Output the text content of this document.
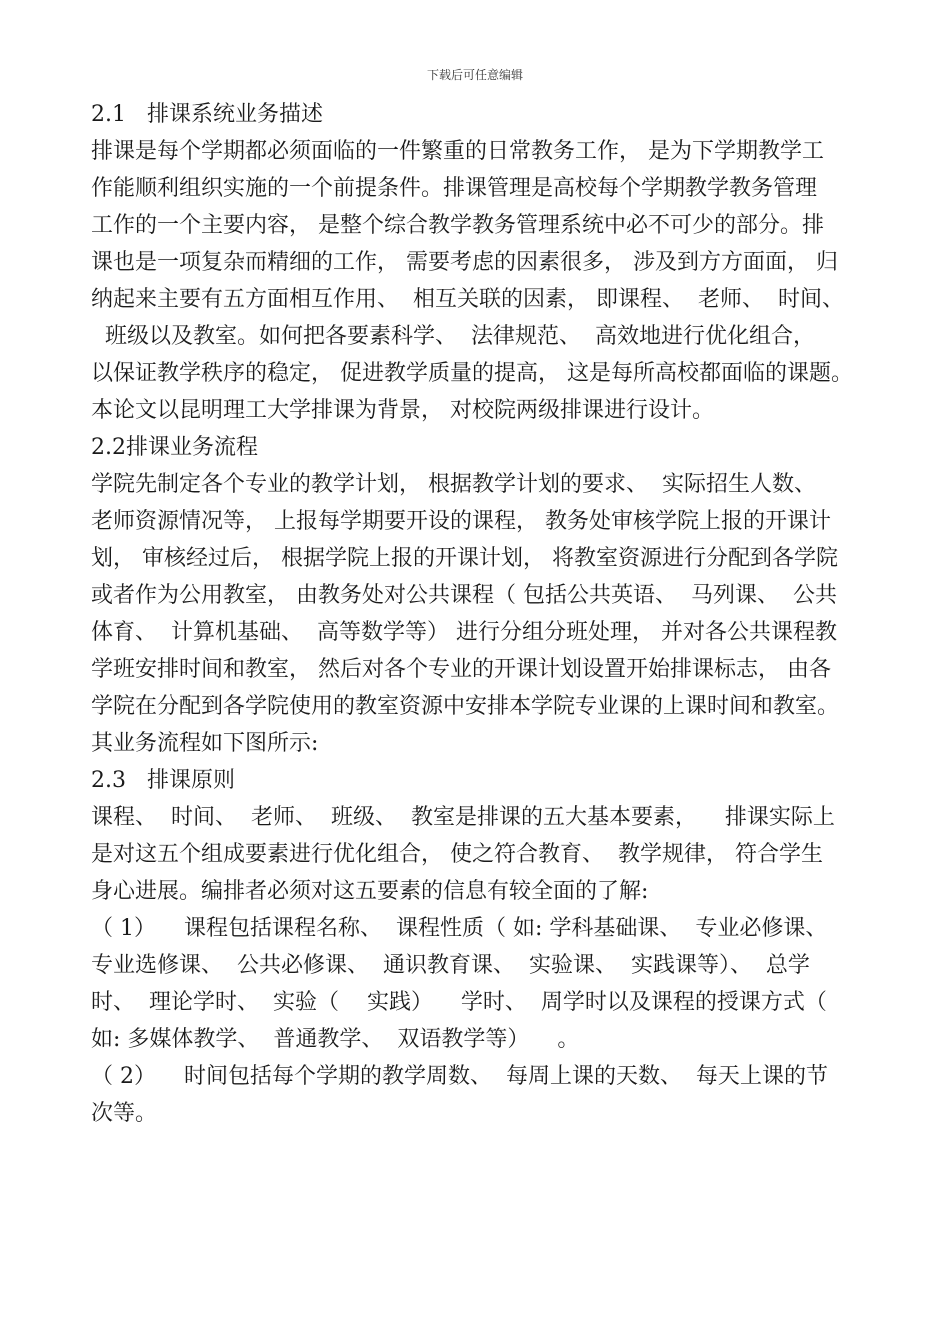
下载后可任意编辑
2.1   排课系统业务描述
排课是每个学期都必须面临的一件繁重的日常教务工作， 是为下学期教学工
作能顺利组织实施的一个前提条件。排课管理是高校每个学期教学教务管理
工作的一个主要内容， 是整个综合教学教务管理系统中必不可少的部分。排
课也是一项复杂而精细的工作， 需要考虑的因素很多， 涉及到方方面面， 归
纳起来主要有五方面相互作用、  相互关联的因素， 即课程、  老师、  时间、
班级以及教室。如何把各要素科学、  法律规范、  高效地进行优化组合，
以保证教学秩序的稳定， 促进教学质量的提高， 这是每所高校都面临的课题。
本论文以昆明理工大学排课为背景， 对校院两级排课进行设计。
2.2排课业务流程
学院先制定各个专业的教学计划， 根据教学计划的要求、  实际招生人数、
老师资源情况等， 上报每学期要开设的课程， 教务处审核学院上报的开课计
划， 审核经过后， 根据学院上报的开课计划， 将教室资源进行分配到各学院
或者作为公用教室， 由教务处对公共课程（ 包括公共英语、  马列课、  公共
体育、  计算机基础、  高等数学等） 进行分组分班处理， 并对各公共课程教
学班安排时间和教室， 然后对各个专业的开课计划设置开始排课标志， 由各
学院在分配到各学院使用的教室资源中安排本学院专业课的上课时间和教室。
其业务流程如下图所示:
2.3   排课原则
课程、  时间、  老师、  班级、  教室是排课的五大基本要素，    排课实际上
是对这五个组成要素进行优化组合， 使之符合教育、  教学规律， 符合学生
身心进展。编排者必须对这五要素的信息有较全面的了解:
（ 1）    课程包括课程名称、  课程性质（ 如: 学科基础课、  专业必修课、
专业选修课、  公共必修课、  通识教育课、  实验课、  实践课等）、  总学
时、  理论学时、  实验（    实践）    学时、  周学时以及课程的授课方式（
如: 多媒体教学、  普通教学、  双语教学等）    。
（ 2）    时间包括每个学期的教学周数、  每周上课的天数、  每天上课的节
次等。
